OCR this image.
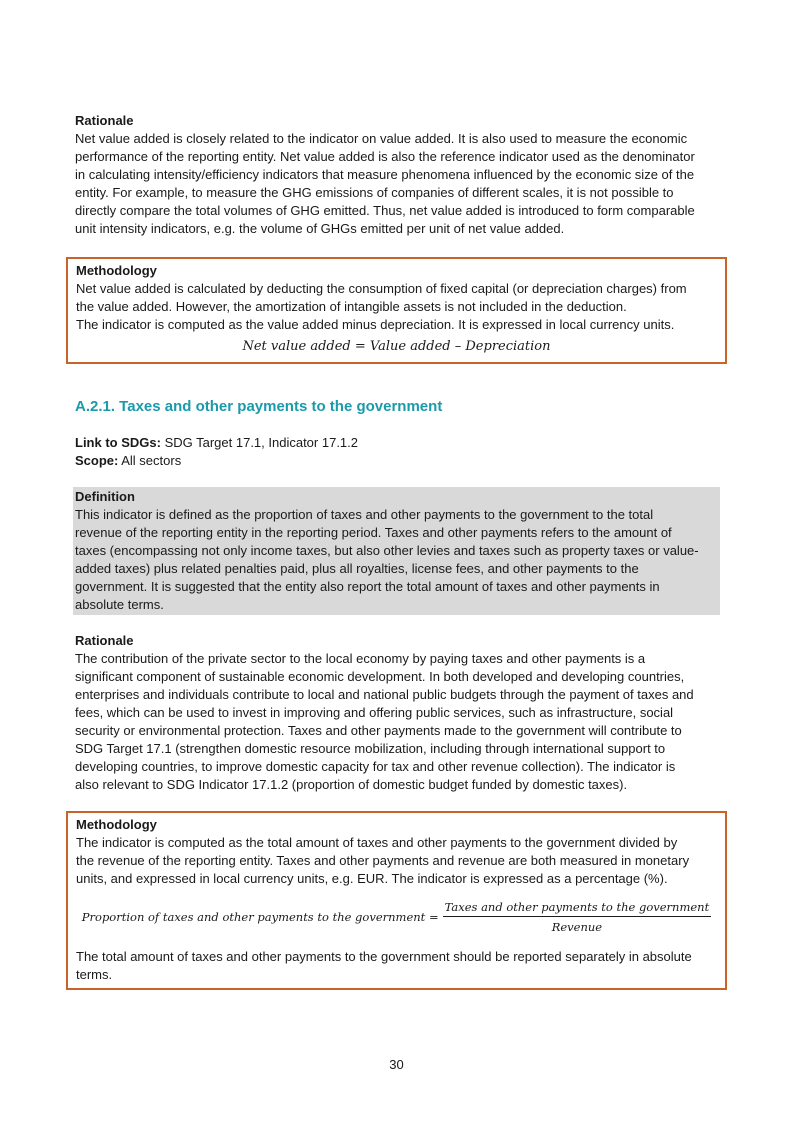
Rationale

Net value added is closely related to the indicator on value added. It is also used to measure the economic

performance of the reporting entity. Net value added is also the reference indicator used as the denominator

in calculating intensity/efficiency indicators that measure phenomena influenced by the economic size of the

entity. For example, to measure the GHG emissions of companies of different scales, it is not possible to

directly compare the total volumes of GHG emitted. Thus, net value added is introduced to form comparable

unit intensity indicators, e.g. the volume of GHGs emitted per unit of net value added.

Methodology

Net value added is calculated by deducting the consumption of fixed capital (or depreciation charges) from

the value added. However, the amortization of intangible assets is not included in the deduction.

The indicator is computed as the value added minus depreciation. It is expressed in local currency units.

Net value added = Value added – Depreciation
A.2.1. Taxes and other payments to the government

Link to SDGs: SDG Target 17.1, Indicator 17.1.2

Scope: All sectors

Definition

This indicator is defined as the proportion of taxes and other payments to the government to the total

revenue of the reporting entity in the reporting period. Taxes and other payments refers to the amount of

taxes (encompassing not only income taxes, but also other levies and taxes such as property taxes or value-

added taxes) plus related penalties paid, plus all royalties, license fees, and other payments to the

government. It is suggested that the entity also report the total amount of taxes and other payments in

absolute terms.

Rationale

The contribution of the private sector to the local economy by paying taxes and other payments is a

significant component of sustainable economic development. In both developed and developing countries,

enterprises and individuals contribute to local and national public budgets through the payment of taxes and

fees, which can be used to invest in improving and offering public services, such as infrastructure, social

security or environmental protection. Taxes and other payments made to the government will contribute to

SDG Target 17.1 (strengthen domestic resource mobilization, including through international support to

developing countries, to improve domestic capacity for tax and other revenue collection). The indicator is

also relevant to SDG Indicator 17.1.2 (proportion of domestic budget funded by domestic taxes).

Methodology

The indicator is computed as the total amount of taxes and other payments to the government divided by

the revenue of the reporting entity. Taxes and other payments and revenue are both measured in monetary

units, and expressed in local currency units, e.g. EUR. The indicator is expressed as a percentage (%).

Proportion of taxes and other payments to the government = $\frac{\text{Taxes and other payments to the government}}{\text{Revenue}}$

The total amount of taxes and other payments to the government should be reported separately in absolute

terms.

30
